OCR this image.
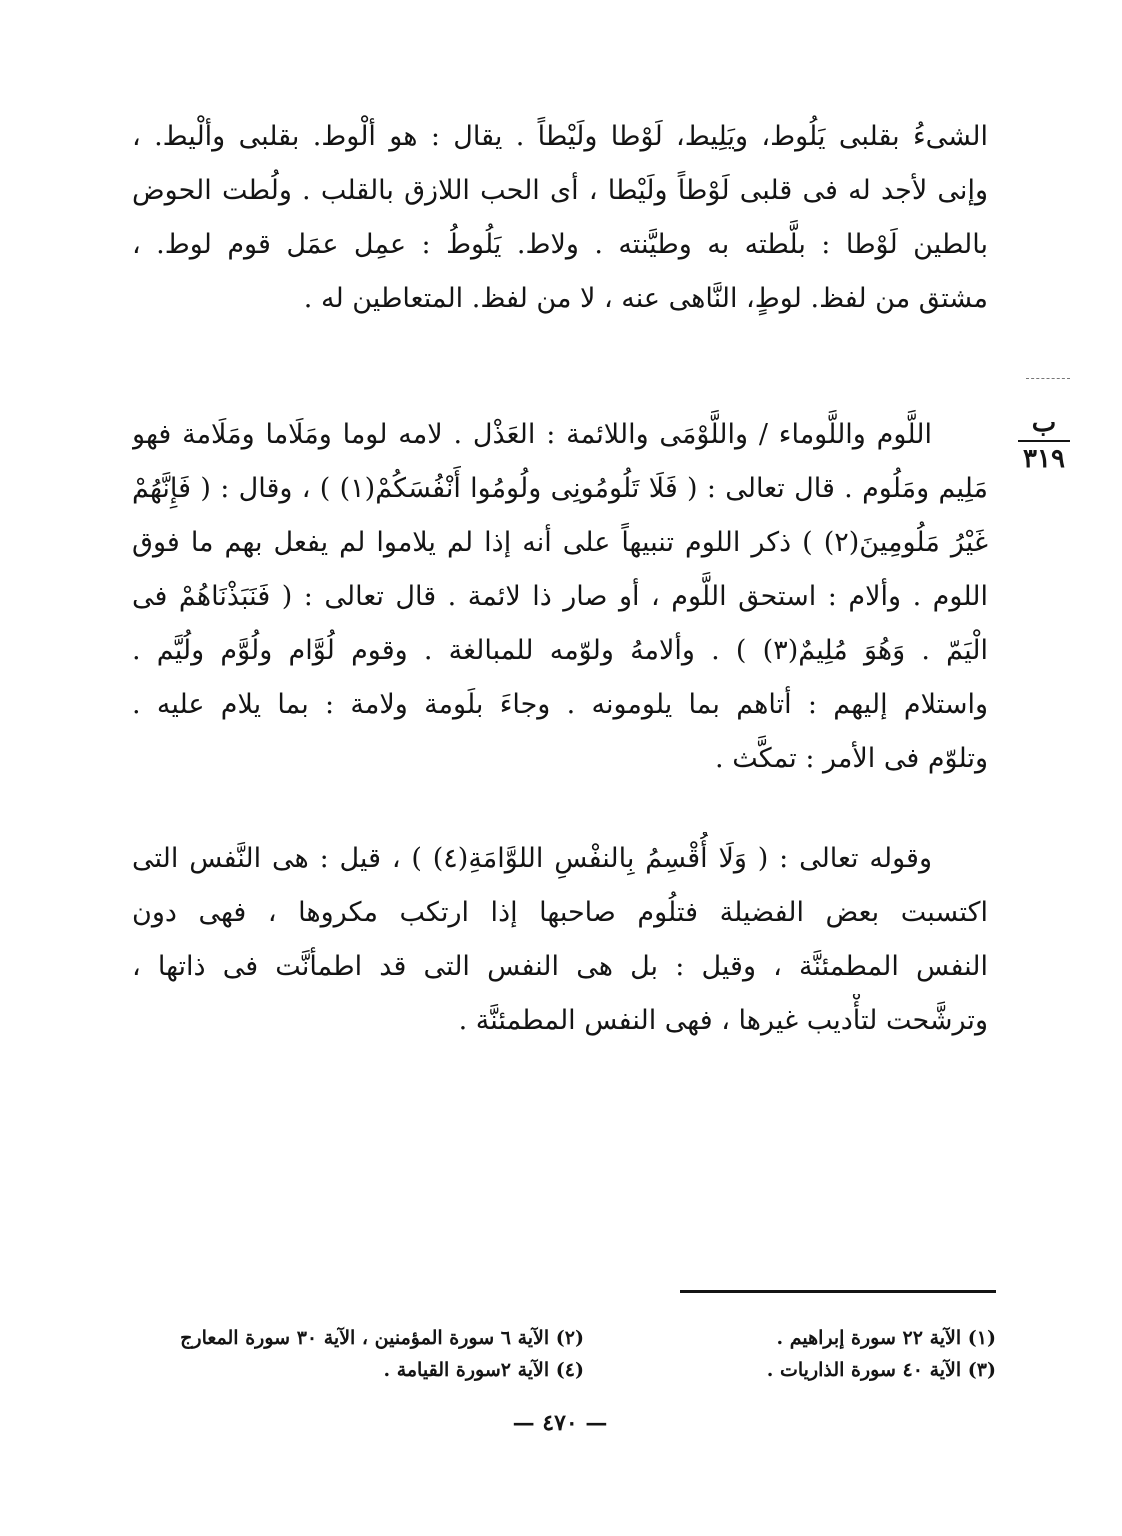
الشىءُ بقلبى يَلُوط، ويَلِيط، لَوْطا ولَيْطاً . يقال : هو ألْوط. بقلبى وألْيط. ،
وإنى لأجد له فى قلبى لَوْطاً ولَيْطا ، أى الحب اللازق بالقلب . ولُطت الحوض
بالطين لَوْطا : بلَّطته به وطيَّنته . ولاط. يَلُوطُ : عمِل عمَل قوم لوط. ،
مشتق من لفظ. لوطٍ، النَّاهى عنه ، لا من لفظ. المتعاطين له .
ب
٣١٩
اللَّوم واللَّوماء / واللَّوْمَى واللائمة : العَذْل . لامه لوما ومَلَاما ومَلَامة فهو
مَلِيم ومَلُوم . قال تعالى : ( فَلَا تَلُومُونِى ولُومُوا أَنْفُسَكُمْ(١) ) ، وقال : ( فَإِنَّهُمْ
غَيْرُ مَلُومِينَ(٢) ) ذكر اللوم تنبيهاً على أنه إذا لم يلاموا لم يفعل بهم ما فوق
اللوم . وألام : استحق اللَّوم ، أو صار ذا لائمة . قال تعالى : ( فَنَبَذْنَاهُمْ فى
الْيَمّ . وَهُوَ مُلِيمٌ(٣) ) . وألامهُ ولوّمه للمبالغة . وقوم لُوَّام ولُوَّم ولُيَّم .
واستلام إليهم : أتاهم بما يلومونه . وجاءَ بلَومة ولامة : بما يلام عليه .
وتلوّم فى الأمر : تمكَّث .
وقوله تعالى : ( وَلَا أُقْسِمُ بِالنفْسِ اللوَّامَةِ(٤) ) ، قيل : هى النَّفس التى
اكتسبت بعض الفضيلة فتلُوم صاحبها إذا ارتكب مكروها ، فهى دون
النفس المطمئنَّة ، وقيل : بل هى النفس التى قد اطمأنَّت فى ذاتها ،
وترشَّحت لتأْديب غيرها ، فهى النفس المطمئنَّة .
(١) الآية ٢٢ سورة إبراهيم .
(٢) الآية ٦ سورة المؤمنين ، الآية ٣٠ سورة المعارج
(٣) الآية ٤٠ سورة الذاريات .
(٤) الآية ٢سورة القيامة .
— ٤٧٠ —
